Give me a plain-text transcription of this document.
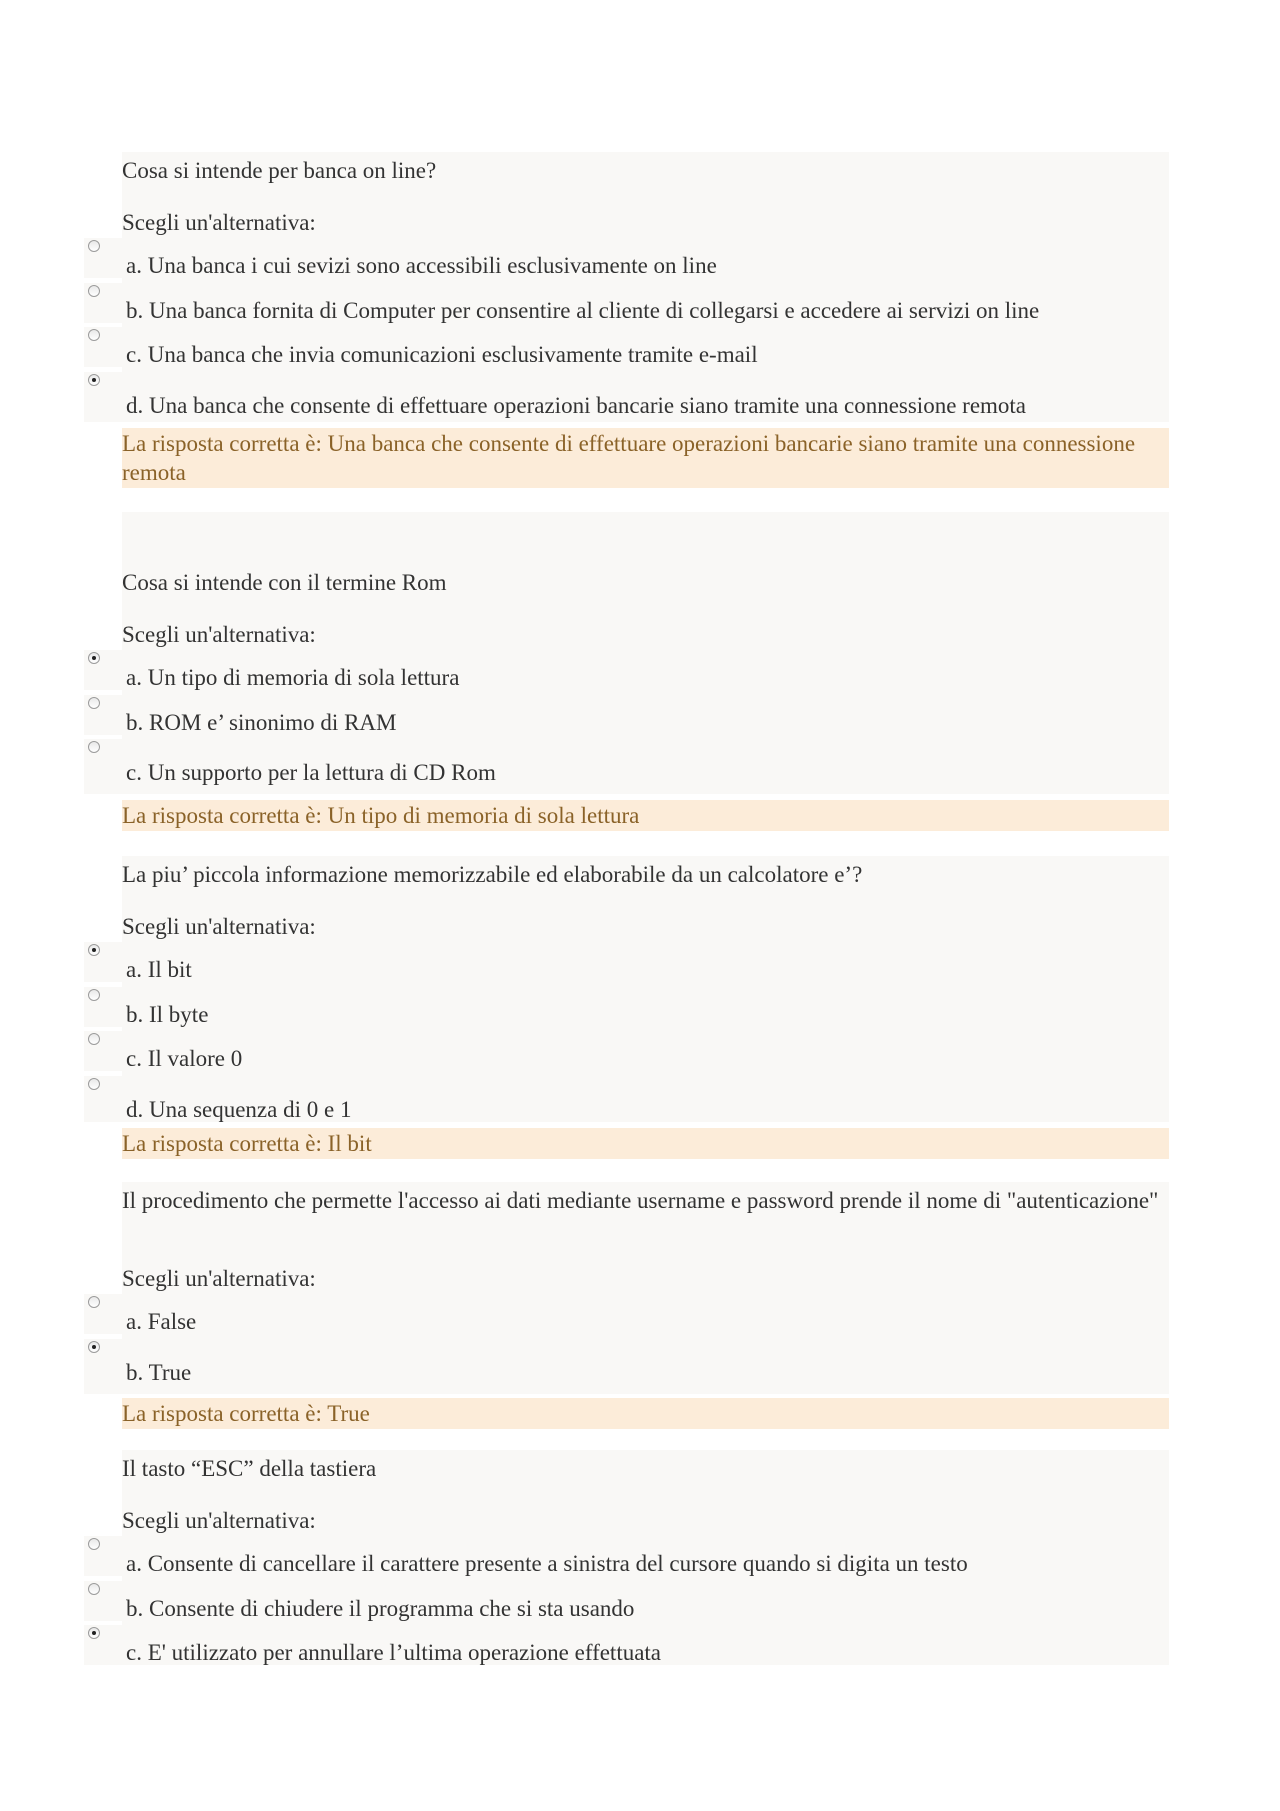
Cosa si intende per banca on line?
Scegli un'alternativa:
a. Una banca i cui sevizi sono accessibili esclusivamente on line
b. Una banca fornita di Computer per consentire al cliente di collegarsi e accedere ai servizi on line
c. Una banca che invia comunicazioni esclusivamente tramite e-mail
d. Una banca che consente di effettuare operazioni bancarie siano tramite una connessione remota
La risposta corretta è: Una banca che consente di effettuare operazioni bancarie siano tramite una connessione remota
Cosa si intende con il termine Rom
Scegli un'alternativa:
a. Un tipo di memoria di sola lettura
b. ROM e’ sinonimo di RAM
c. Un supporto per la lettura di CD Rom
La risposta corretta è: Un tipo di memoria di sola lettura
La piu’ piccola informazione memorizzabile ed elaborabile da un calcolatore e’?
Scegli un'alternativa:
a. Il bit
b. Il byte
c. Il valore 0
d. Una sequenza di 0 e 1
La risposta corretta è: Il bit
Il procedimento che permette l'accesso ai dati mediante username e password prende il nome di "autenticazione"
Scegli un'alternativa:
a. False
b. True
La risposta corretta è: True
Il tasto “ESC” della tastiera
Scegli un'alternativa:
a. Consente di cancellare il carattere presente a sinistra del cursore quando si digita un testo
b. Consente di chiudere il programma che si sta usando
c. E' utilizzato per annullare l’ultima operazione effettuata
